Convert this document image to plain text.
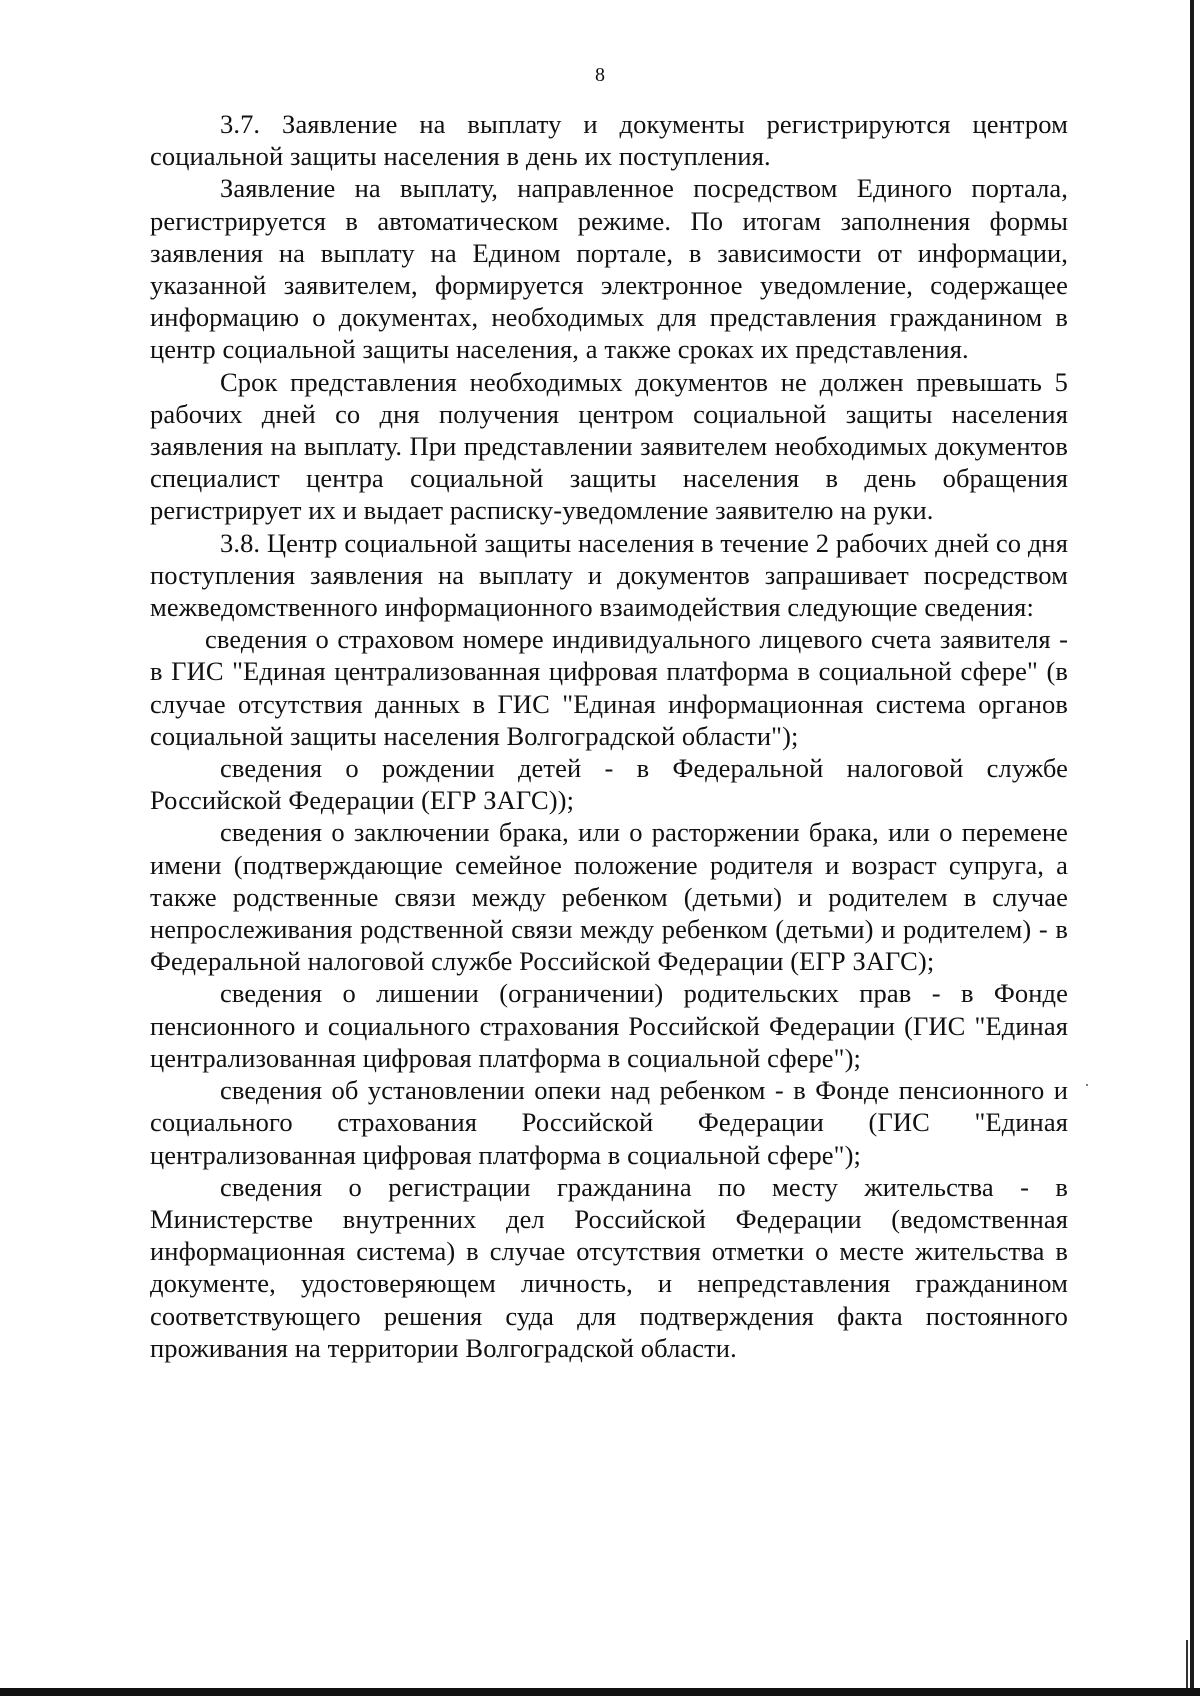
8

3.7. Заявление на выплату и документы регистрируются центром социальной защиты населения в день их поступления.

Заявление на выплату, направленное посредством Единого портала, регистрируется в автоматическом режиме. По итогам заполнения формы заявления на выплату на Едином портале, в зависимости от информации, указанной заявителем, формируется электронное уведомление, содержащее информацию о документах, необходимых для представления гражданином в центр социальной защиты населения, а также сроках их представления.

Срок представления необходимых документов не должен превышать 5 рабочих дней со дня получения центром социальной защиты населения заявления на выплату. При представлении заявителем необходимых документов специалист центра социальной защиты населения в день обращения регистрирует их и выдает расписку-уведомление заявителю на руки.

3.8. Центр социальной защиты населения в течение 2 рабочих дней со дня поступления заявления на выплату и документов запрашивает посредством межведомственного информационного взаимодействия следующие сведения:

сведения о страховом номере индивидуального лицевого счета заявителя - в ГИС "Единая централизованная цифровая платформа в социальной сфере" (в случае отсутствия данных в ГИС "Единая информационная система органов социальной защиты населения Волгоградской области");

сведения о рождении детей - в Федеральной налоговой службе Российской Федерации (ЕГР ЗАГС));

сведения о заключении брака, или о расторжении брака, или о перемене имени (подтверждающие семейное положение родителя и возраст супруга, а также родственные связи между ребенком (детьми) и родителем в случае непрослеживания родственной связи между ребенком (детьми) и родителем) - в Федеральной налоговой службе Российской Федерации (ЕГР ЗАГС);

сведения о лишении (ограничении) родительских прав - в Фонде пенсионного и социального страхования Российской Федерации (ГИС "Единая централизованная цифровая платформа в социальной сфере");

сведения об установлении опеки над ребенком - в Фонде пенсионного и социального страхования Российской Федерации (ГИС "Единая централизованная цифровая платформа в социальной сфере");

сведения о регистрации гражданина по месту жительства - в Министерстве внутренних дел Российской Федерации (ведомственная информационная система) в случае отсутствия отметки о месте жительства в документе, удостоверяющем личность, и непредставления гражданином соответствующего решения суда для подтверждения факта постоянного проживания на территории Волгоградской области.
